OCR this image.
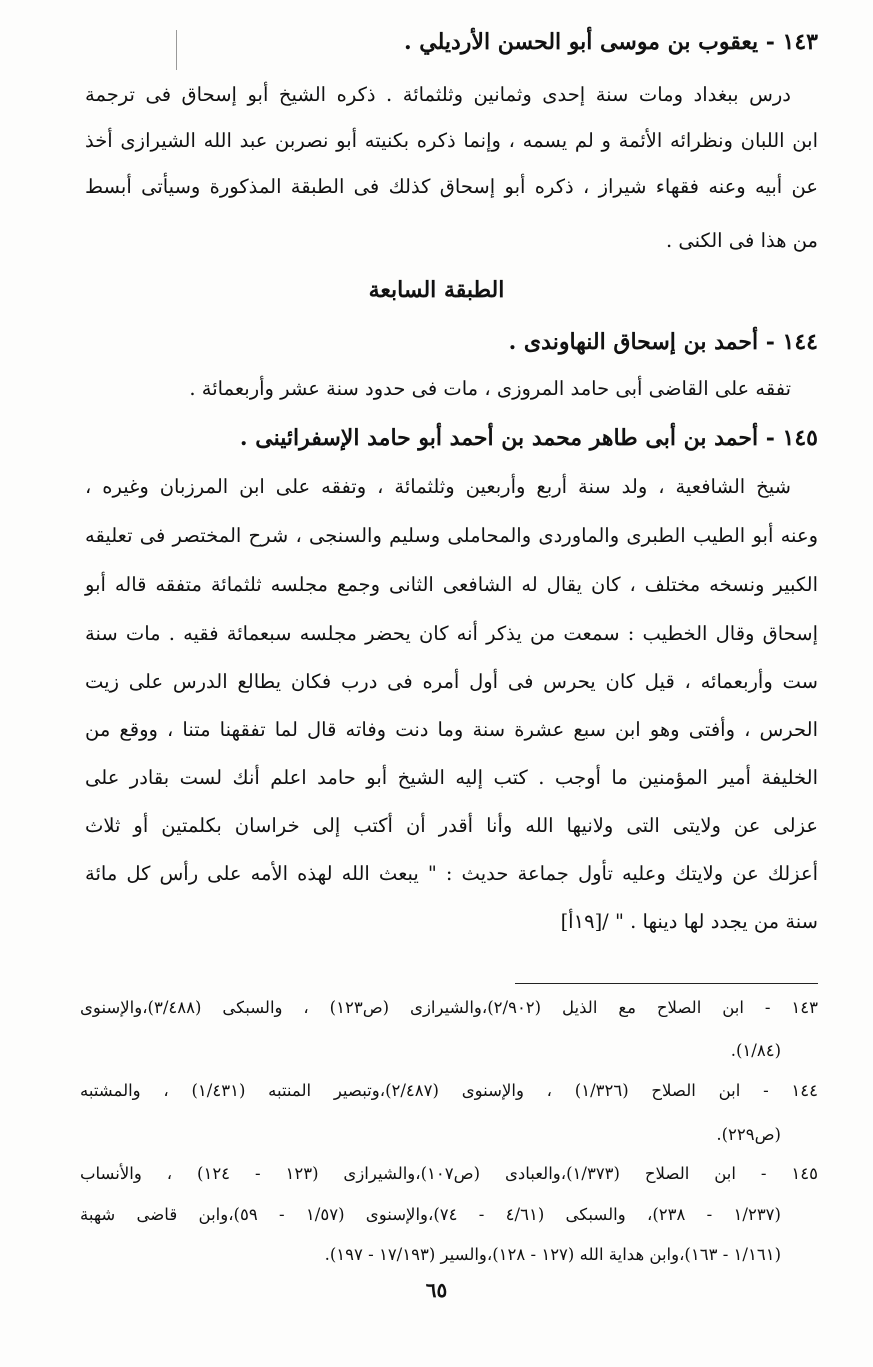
١٤٣ - يعقوب بن موسى أبو الحسن الأرديلي .
درس ببغداد ومات سنة إحدى وثمانين وثلثمائة . ذكره الشيخ أبو إسحاق فى ترجمة
ابن اللبان ونظرائه الأئمة و لم يسمه ، وإنما ذكره بكنيته أبو نصربن عبد الله الشيرازى أخذ
عن أبيه وعنه فقهاء شيراز ، ذكره أبو إسحاق كذلك فى الطبقة المذكورة وسيأتى أبسط
من هذا فى الكنى .
الطبقة السابعة
١٤٤ - أحمد بن إسحاق النهاوندى .
تفقه على القاضى أبى حامد المروزى ، مات فى حدود سنة عشر وأربعمائة .
١٤٥ - أحمد بن أبى طاهر محمد بن أحمد أبو حامد الإسفرائينى .
شيخ الشافعية ، ولد سنة أربع وأربعين وثلثمائة ، وتفقه على ابن المرزبان وغيره ،
وعنه أبو الطيب الطبرى والماوردى والمحاملى وسليم والسنجى ، شرح المختصر فى تعليقه
الكبير ونسخه مختلف ، كان يقال له الشافعى الثانى وجمع مجلسه ثلثمائة متفقه قاله أبو
إسحاق وقال الخطيب : سمعت من يذكر أنه كان يحضر مجلسه سبعمائة فقيه . مات سنة
ست وأربعمائه ، قيل كان يحرس فى أول أمره فى درب فكان يطالع الدرس على زيت
الحرس ، وأفتى وهو ابن سبع عشرة سنة وما دنت وفاته قال لما تفقهنا متنا ، ووقع من
الخليفة أمير المؤمنين ما أوجب . كتب إليه الشيخ أبو حامد اعلم أنك لست بقادر على
عزلى عن ولايتى التى ولانيها الله وأنا أقدر أن أكتب إلى خراسان بكلمتين أو ثلاث
أعزلك عن ولايتك وعليه تأول جماعة حديث : " يبعث الله لهذه الأمه على رأس كل مائة
سنة من يجدد لها دينها . " /[١٩أ]
١٤٣ - ابن الصلاح مع الذيل (٢/٩٠٢)،والشيرازى (ص١٢٣) ، والسبكى (٣/٤٨٨)،والإسنوى
(١/٨٤).
١٤٤ - ابن الصلاح (١/٣٢٦) ، والإسنوى (٢/٤٨٧)،وتبصير المنتبه (١/٤٣١) ، والمشتبه
(ص٢٢٩).
١٤٥ - ابن الصلاح (١/٣٧٣)،والعبادى (ص١٠٧)،والشيرازى (١٢٣ - ١٢٤) ، والأنساب
(١/٢٣٧ - ٢٣٨)، والسبكى (٤/٦١ - ٧٤)،والإسنوى (١/٥٧ - ٥٩)،وابن قاضى شهبة
(١/١٦١ - ١٦٣)،وابن هداية الله (١٢٧ - ١٢٨)،والسير (١٧/١٩٣ - ١٩٧).
٦٥
